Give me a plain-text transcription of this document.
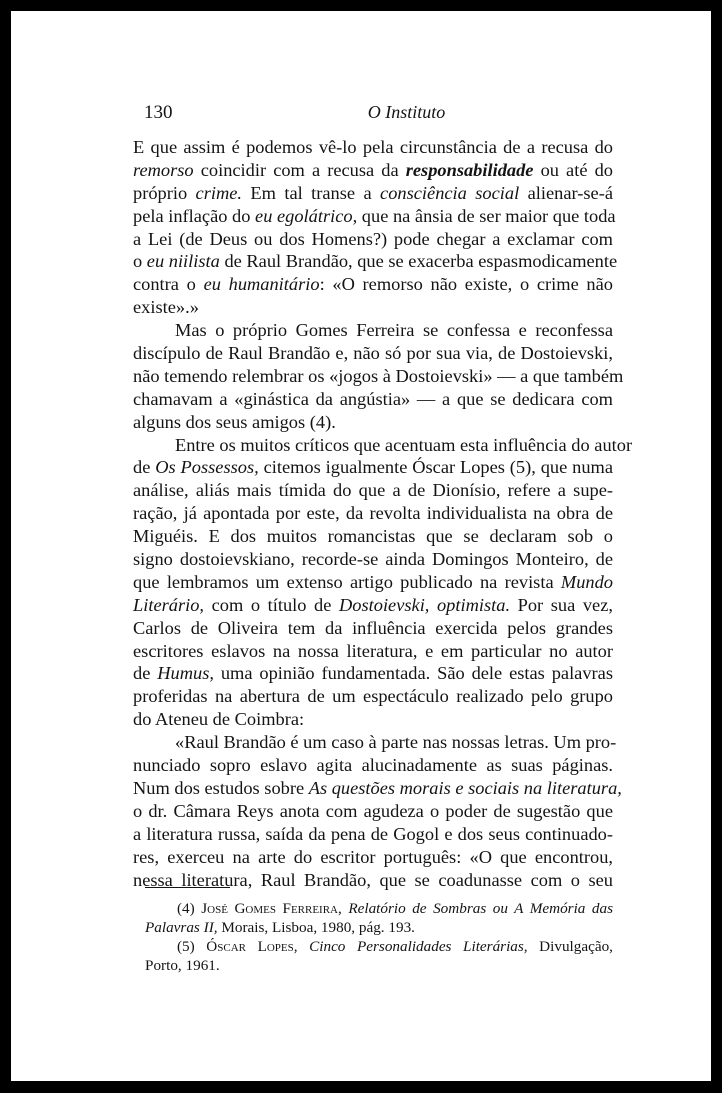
130	O Instituto
E que assim é podemos vê-lo pela circunstância de a recusa do
remorso coincidir com a recusa da responsabilidade ou até do
próprio crime. Em tal transe a consciência social alienar-se-á
pela inflação do eu egolátrico, que na ânsia de ser maior que toda
a Lei (de Deus ou dos Homens?) pode chegar a exclamar com
o eu niilista de Raul Brandão, que se exacerba espasmodicamente
contra o eu humanitário: «O remorso não existe, o crime não
existe».»
Mas o próprio Gomes Ferreira se confessa e reconfessa
discípulo de Raul Brandão e, não só por sua via, de Dostoievski,
não temendo relembrar os «jogos à Dostoievski» — a que também
chamavam a «ginástica da angústia» — a que se dedicara com
alguns dos seus amigos (4).
Entre os muitos críticos que acentuam esta influência do autor
de Os Possessos, citemos igualmente Óscar Lopes (5), que numa
análise, aliás mais tímida do que a de Dionísio, refere a supe-
ração, já apontada por este, da revolta individualista na obra de
Miguéis. E dos muitos romancistas que se declaram sob o
signo dostoievskiano, recorde-se ainda Domingos Monteiro, de
que lembramos um extenso artigo publicado na revista Mundo
Literário, com o título de Dostoievski, optimista. Por sua vez,
Carlos de Oliveira tem da influência exercida pelos grandes
escritores eslavos na nossa literatura, e em particular no autor
de Humus, uma opinião fundamentada. São dele estas palavras
proferidas na abertura de um espectáculo realizado pelo grupo
do Ateneu de Coimbra:
«Raul Brandão é um caso à parte nas nossas letras. Um pro-
nunciado sopro eslavo agita alucinadamente as suas páginas.
Num dos estudos sobre As questões morais e sociais na literatura,
o dr. Câmara Reys anota com agudeza o poder de sugestão que
a literatura russa, saída da pena de Gogol e dos seus continuado-
res, exerceu na arte do escritor português: «O que encontrou,
nessa literatura, Raul Brandão, que se coadunasse com o seu
(4) José Gomes Ferreira, Relatório de Sombras ou A Memória das
Palavras II, Morais, Lisboa, 1980, pág. 193.
(5) Óscar Lopes, Cinco Personalidades Literárias, Divulgação,
Porto, 1961.
